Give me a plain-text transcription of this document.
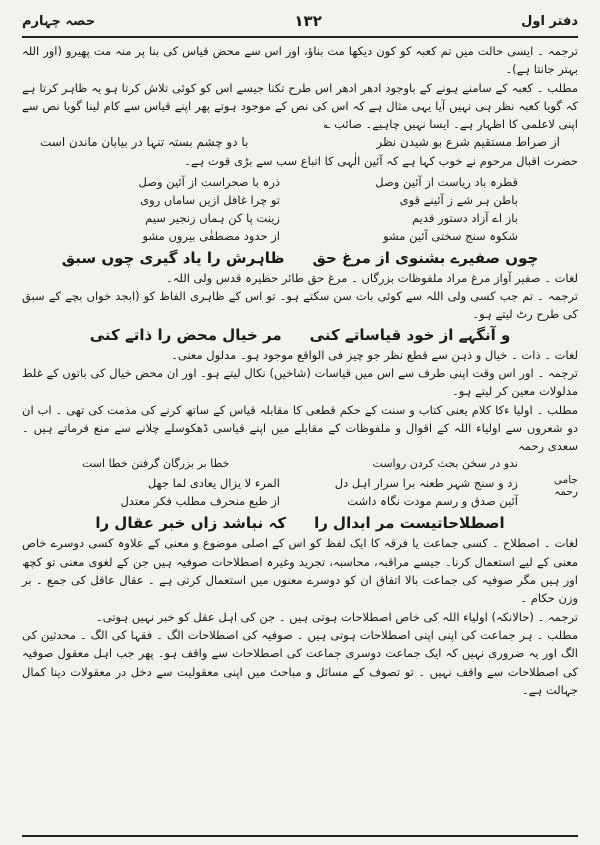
دفتر اول
۱۳۲
حصہ چہارم

ترجمہ ۔ ایسی حالت میں تم کعبہ کو کون دیکھا مت بناؤ، اور اس سے محض قیاس کی بنا پر منہ مت پھیرو (اور اللہ بہتر جانتا ہے)۔

مطلب ۔ کعبہ کے سامنے ہونے کے باوجود ادھر ادھر اس طرح تکنا جیسے اس کو کوئی تلاش کرتا ہو یہ ظاہر کرتا ہے کہ گویا کعبہ نظر ہی نہیں آیا یہی مثال ہے کہ اس کی نص کے موجود ہوتے پھر اپنے قیاس سے کام لینا گویا نص سے اپنی لاعلمی کا اظہار ہے۔ ایسا نہیں چاہیے۔ صائب ؎

از صراط مستقیم شرع بو شیدن نظر
با دو چشم بستہ تنہا در بیابان ماندن است

حضرت اقبال مرحوم نے خوب کہا ہے کہ آئین الٰہی کا اتباع سب سے بڑی قوت ہے۔

قطرہ باد ریاست از آئین وصل
ذرہ با صحراست از آئین وصل
باطن ہر شے ز آئینے قوی
تو چرا غافل ازیں ساماں روی
باز اے آزاد دستور قدیم
زینت پا کن ہماں زنجیر سیم
شکوہ سنج سختی آئین مشو
از حدود مصطفٰی بیروں مشو
چوں صفیرے بشنوی از مرغ حق
ظاہرش را یاد گیری چوں سبق

لغات ۔ صفیر آواز مرغ مراد ملفوظات بزرگاں ۔ مرغ حق طائر حظیرہ قدس ولی اللہ۔

ترجمہ ۔ تم جب کسی ولی اللہ سے کوئی بات سن سکتے ہو۔ تو اس کے ظاہری الفاظ کو (ابجد خواں بچے کے سبق کی طرح رٹ لیتے ہو۔

و آنگہے از خود قیاساتے کنی
مر خیال محض را ذاتے کنی

لغات ۔ ذات ۔ خیال و ذہن سے قطع نظر جو چیز فی الواقع موجود ہو۔ مدلول معنی۔

ترجمہ ۔ اور اس وقت اپنی طرف سے اس میں قیاسات (شاخیں) نکال لیتے ہو۔ اور ان محض خیال کی باتوں کے غلط مدلولات معین کر لیتے ہو۔

مطلب ۔ اولیا ءکا کلام یعنی کتاب و سنت کے حکم قطعی کا مقابلہ قیاس کے ساتھ کرنے کی مذمت کی تھی ۔ اب ان دو شعروں سے اولیاء اللہ کے اقوال و ملفوظات کے مقابلے میں اپنے قیاسی ڈھکوسلے چلانے سے منع فرماتے ہیں ۔ سعدی رحمہ

ندو در سخن بحث کردن رواست
خطا بر بزرگان گرفتن خطا است
جامی رحمہ
زد و سنج شہر طعنہ برا سرار اہل دل
المرء لا یزال یعادی لما جھل
آئین صدق و رسم مودت نگاہ داشت
از طبع منحرف مطلب فکر معتدل
اصطلاحاتیست مر ابدال را
کہ نباشد زاں خبر عقال را

لغات ۔ اصطلاح ۔ کسی جماعت یا فرقہ کا ایک لفظ کو اس کے اصلی موضوع و معنی کے علاوہ کسی دوسرے خاص معنی کے لیے استعمال کرنا۔ جیسے مراقبہ، محاسبہ، تجرید وغیرہ اصطلاحات صوفیہ ہیں جن کے لغوی معنی تو کچھ اور ہیں مگر صوفیہ کی جماعت بالا اتفاق ان کو دوسرے معنوں میں استعمال کرتی ہے ۔ عقال عاقل کی جمع ۔ بر وزن حکام ۔

ترجمہ ۔ (حالانکہ) اولیاء اللہ کی خاص اصطلاحات ہوتی ہیں ۔ جن کی اہل عقل کو خبر نہیں ہوتی۔

مطلب ۔ ہر جماعت کی اپنی اپنی اصطلاحات ہوتی ہیں ۔ صوفیہ کی اصطلاحات الگ ۔ فقہا کی الگ ۔ محدثین کی الگ اور یہ ضروری نہیں کہ ایک جماعت دوسری جماعت کی اصطلاحات سے واقف ہو۔ پھر جب اہل معقول صوفیہ کی اصطلاحات سے واقف نہیں ۔ تو تصوف کے مسائل و مباحث میں اپنی معقولیت سے دخل در معقولات دینا کمال جہالت ہے۔
